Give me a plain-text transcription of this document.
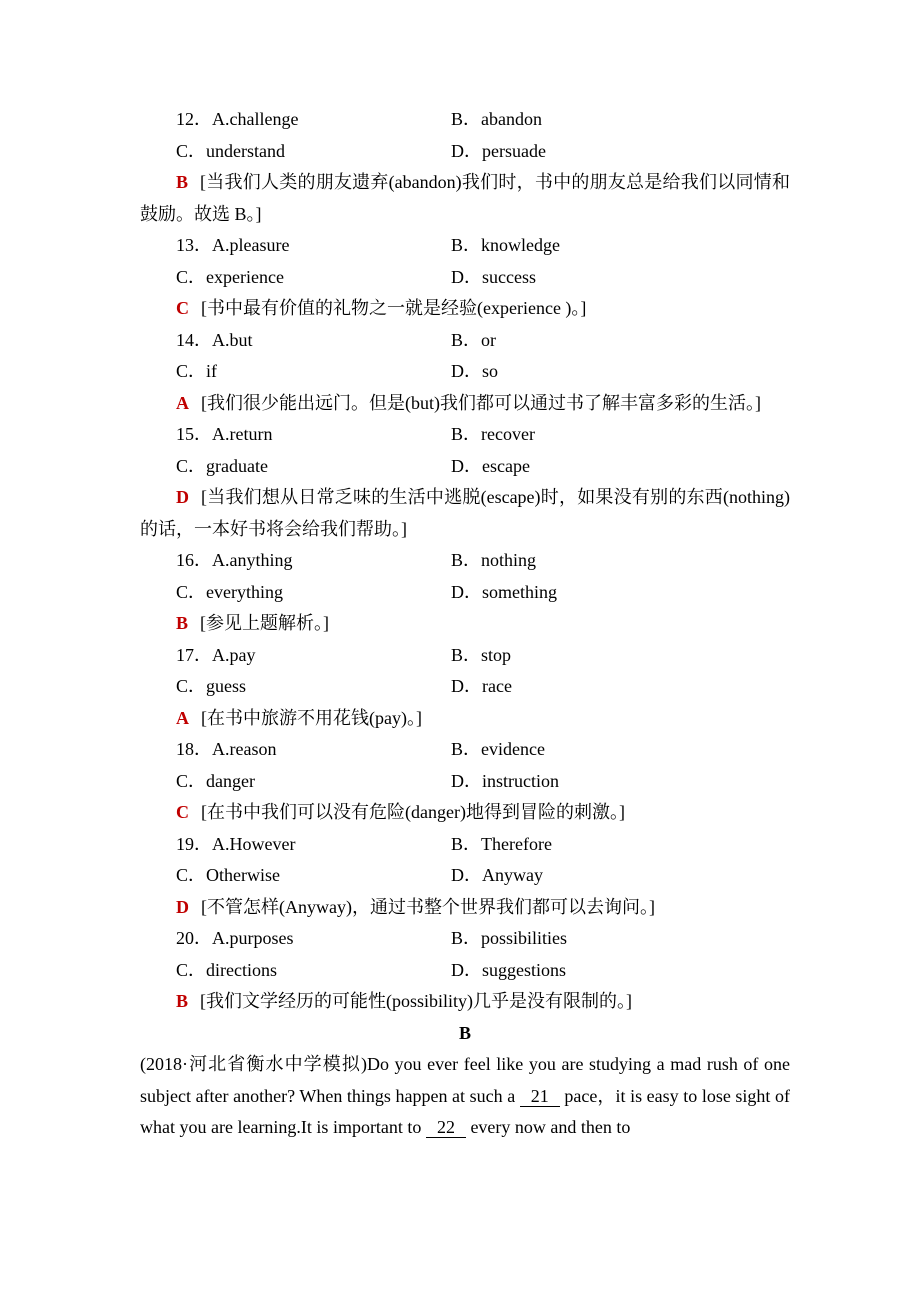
12．A.challenge	B．abandon
C．understand	D．persuade
B [当我们人类的朋友遗弃(abandon)我们时，书中的朋友总是给我们以同情和鼓励。故选 B。]
13．A.pleasure	B．knowledge
C．experience	D．success
C [书中最有价值的礼物之一就是经验(experience )。]
14．A.but	B．or
C．if	D．so
A [我们很少能出远门。但是(but)我们都可以通过书了解丰富多彩的生活。]
15．A.return	B．recover
C．graduate	D．escape
D [当我们想从日常乏味的生活中逃脱(escape)时，如果没有别的东西(nothing)的话，一本好书将会给我们帮助。]
16．A.anything	B．nothing
C．everything	D．something
B [参见上题解析。]
17．A.pay	B．stop
C．guess	D．race
A [在书中旅游不用花钱(pay)。]
18．A.reason	B．evidence
C．danger	D．instruction
C [在书中我们可以没有危险(danger)地得到冒险的刺激。]
19．A.However	B．Therefore
C．Otherwise	D．Anyway
D [不管怎样(Anyway)，通过书整个世界我们都可以去询问。]
20．A.purposes	B．possibilities
C．directions	D．suggestions
B [我们文学经历的可能性(possibility)几乎是没有限制的。]
B
(2018·河北省衡水中学模拟)Do you ever feel like you are studying a mad rush of one subject after another? When things happen at such a 21 pace，it is easy to lose sight of what you are learning.It is important to 22 every now and then to
